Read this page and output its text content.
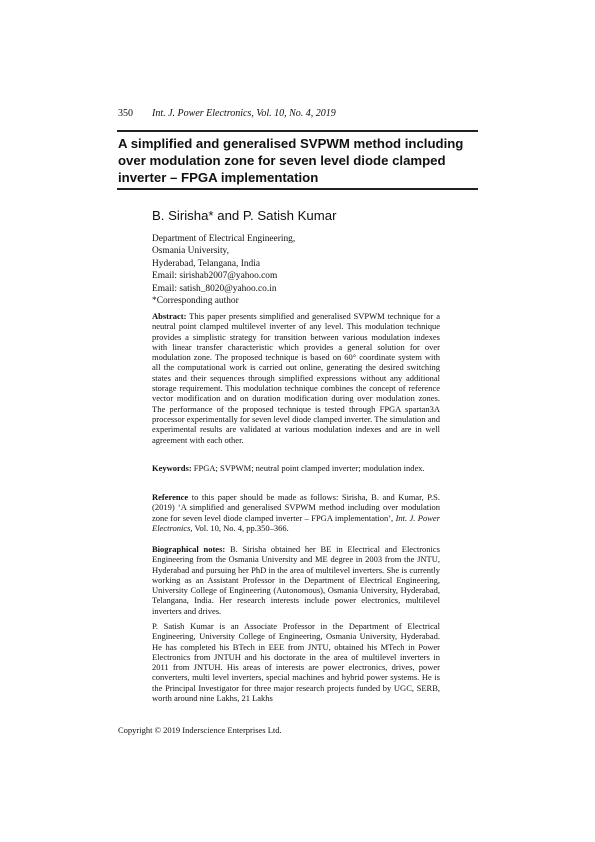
350 Int. J. Power Electronics, Vol. 10, No. 4, 2019
A simplified and generalised SVPWM method including over modulation zone for seven level diode clamped inverter – FPGA implementation
B. Sirisha* and P. Satish Kumar
Department of Electrical Engineering,
Osmania University,
Hyderabad, Telangana, India
Email: sirishab2007@yahoo.com
Email: satish_8020@yahoo.co.in
*Corresponding author
Abstract: This paper presents simplified and generalised SVPWM technique for a neutral point clamped multilevel inverter of any level. This modulation technique provides a simplistic strategy for transition between various modulation indexes with linear transfer characteristic which provides a general solution for over modulation zone. The proposed technique is based on 60° coordinate system with all the computational work is carried out online, generating the desired switching states and their sequences through simplified expressions without any additional storage requirement. This modulation technique combines the concept of reference vector modification and on duration modification during over modulation zones. The performance of the proposed technique is tested through FPGA spartan3A processor experimentally for seven level diode clamped inverter. The simulation and experimental results are validated at various modulation indexes and are in well agreement with each other.
Keywords: FPGA; SVPWM; neutral point clamped inverter; modulation index.
Reference to this paper should be made as follows: Sirisha, B. and Kumar, P.S. (2019) ‘A simplified and generalised SVPWM method including over modulation zone for seven level diode clamped inverter – FPGA implementation’, Int. J. Power Electronics, Vol. 10, No. 4, pp.350–366.
Biographical notes: B. Sirisha obtained her BE in Electrical and Electronics Engineering from the Osmania University and ME degree in 2003 from the JNTU, Hyderabad and pursuing her PhD in the area of multilevel inverters. She is currently working as an Assistant Professor in the Department of Electrical Engineering, University College of Engineering (Autonomous), Osmania University, Hyderabad, Telangana, India. Her research interests include power electronics, multilevel inverters and drives.
P. Satish Kumar is an Associate Professor in the Department of Electrical Engineering, University College of Engineering, Osmania University, Hyderabad. He has completed his BTech in EEE from JNTU, obtained his MTech in Power Electronics from JNTUH and his doctorate in the area of multilevel inverters in 2011 from JNTUH. His areas of interests are power electronics, drives, power converters, multi level inverters, special machines and hybrid power systems. He is the Principal Investigator for three major research projects funded by UGC, SERB, worth around nine Lakhs, 21 Lakhs
Copyright © 2019 Inderscience Enterprises Ltd.
